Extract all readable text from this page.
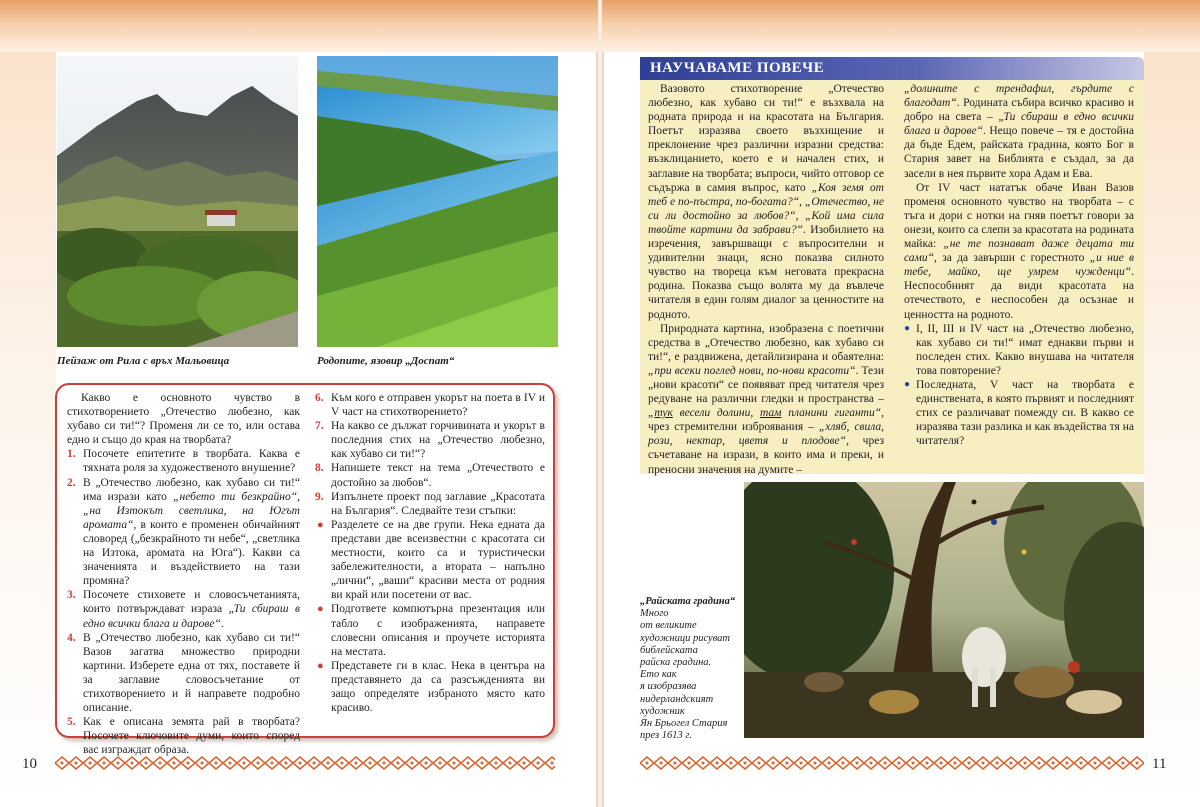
Пейзаж от Рила с връх Мальовица	Родопите, язовир „Доспат“

Какво е основното чувство в стихотворението „Отечество любезно, как хубаво си ти!“? Променя ли се то, или остава едно и също до края на творбата?

1. Посочете епитетите в творбата. Каква е тяхната роля за художественото внушение?

2. В „Отечество любезно, как хубаво си ти!“ има изрази като „небето ти безкрайно“, „на Изтокът светлика, на Югът аромата“, в които е променен обичайният словоред („безкрайното ти небе“, „светлика на Изтока, аромата на Юга“). Какви са значенията и въздействието на тази промяна?

3. Посочете стиховете и словосъчетанията, които потвърждават израза „Ти сбираш в едно всички блага и дарове“.

4. В „Отечество любезно, как хубаво си ти!“ Вазов загатва множество природни картини. Изберете една от тях, поставете й за заглавие словосъчетание от стихотворението и й направете подробно описание.

5. Как е описана земята рай в творбата? Посочете ключовите думи, които според вас изграждат образа.

6. Към кого е отправен укорът на поета в IV и V част на стихотворението?

7. На какво се дължат горчивината и укорът в последния стих на „Отечество любезно, как хубаво си ти!“?

8. Напишете текст на тема „Отечеството е достойно за любов“.

9. Изпълнете проект под заглавие „Красотата на България“. Следвайте тези стъпки:

● Разделете се на две групи. Нека едната да представи две всеизвестни с красотата си местности, които са и туристически забележителности, а втората – напълно „лични“, „ваши“ красиви места от родния ви край или посетени от вас.

● Подгответе компютърна презентация или табло с изображенията, направете словесни описания и проучете историята на местата.

● Представете ги в клас. Нека в центъра на представянето да са разсъжденията ви защо определяте избраното място като красиво.

НАУЧАВАМЕ ПОВЕЧЕ

Вазовото стихотворение „Отечество любезно, как хубаво си ти!“ е възхвала на родната природа и на красотата на България. Поетът изразява своето възхищение и преклонение чрез различни изразни средства: възклицанието, което е и начален стих, и заглавие на творбата; въпроси, чийто отговор се съдържа в самия въпрос, като „Коя земя от теб е по-пъстра, по-богата?“, „Отечество, не си ли достойно за любов?“, „Кой има сила твойте картини да забрави?“. Изобилието на изречения, завършващи с въпросителни и удивителни знаци, ясно показва силното чувство на твореца към неговата прекрасна родина. Показва също волята му да въвлече читателя в един голям диалог за ценностите на родното.

Природната картина, изобразена с поетични средства в „Отечество любезно, как хубаво си ти!“, е раздвижена, детайлизирана и обаятелна: „при всеки поглед нови, по-нови красоти“. Тези „нови красоти“ се появяват пред читателя чрез редуване на различни гледки и пространства – „тук весели долини, там планини гиганти“, чрез стремителни изброявания – „хляб, свила, рози, нектар, цветя и плодове“, чрез съчетаване на изрази, в които има и преки, и преносни значения на думите –

„долините с трендафил, гърдите с благодат“. Родината събира всичко красиво и добро на света – „Ти сбираш в едно всички блага и дарове“. Нещо повече – тя е достойна да бъде Едем, райската градина, която Бог в Стария завет на Библията е създал, за да засели в нея първите хора Адам и Ева.

От IV част нататък обаче Иван Вазов променя основното чувство на творбата – с тъга и дори с нотки на гняв поетът говори за онези, които са слепи за красотата на родината майка: „не те познават даже децата ти сами“, за да завърши с горестното „и ние в тебе, майко, ще умрем чужденци“. Неспособният да види красотата на отечеството, е неспособен да осъзнае и ценността на родното.

● I, II, III и IV част на „Отечество любезно, как хубаво си ти!“ имат еднакви първи и последен стих. Какво внушава на читателя това повторение?

● Последната, V част на творбата е единствената, в която първият и последният стих се различават помежду си. В какво се изразява тази разлика и как въздейства тя на читателя?

„Райската градина“
Много
от великите
художници рисуват
библейската
райска градина.
Ето как
я изобразява
нидерландският
художник
Ян Брьогел Стария
през 1613 г.
10	11
